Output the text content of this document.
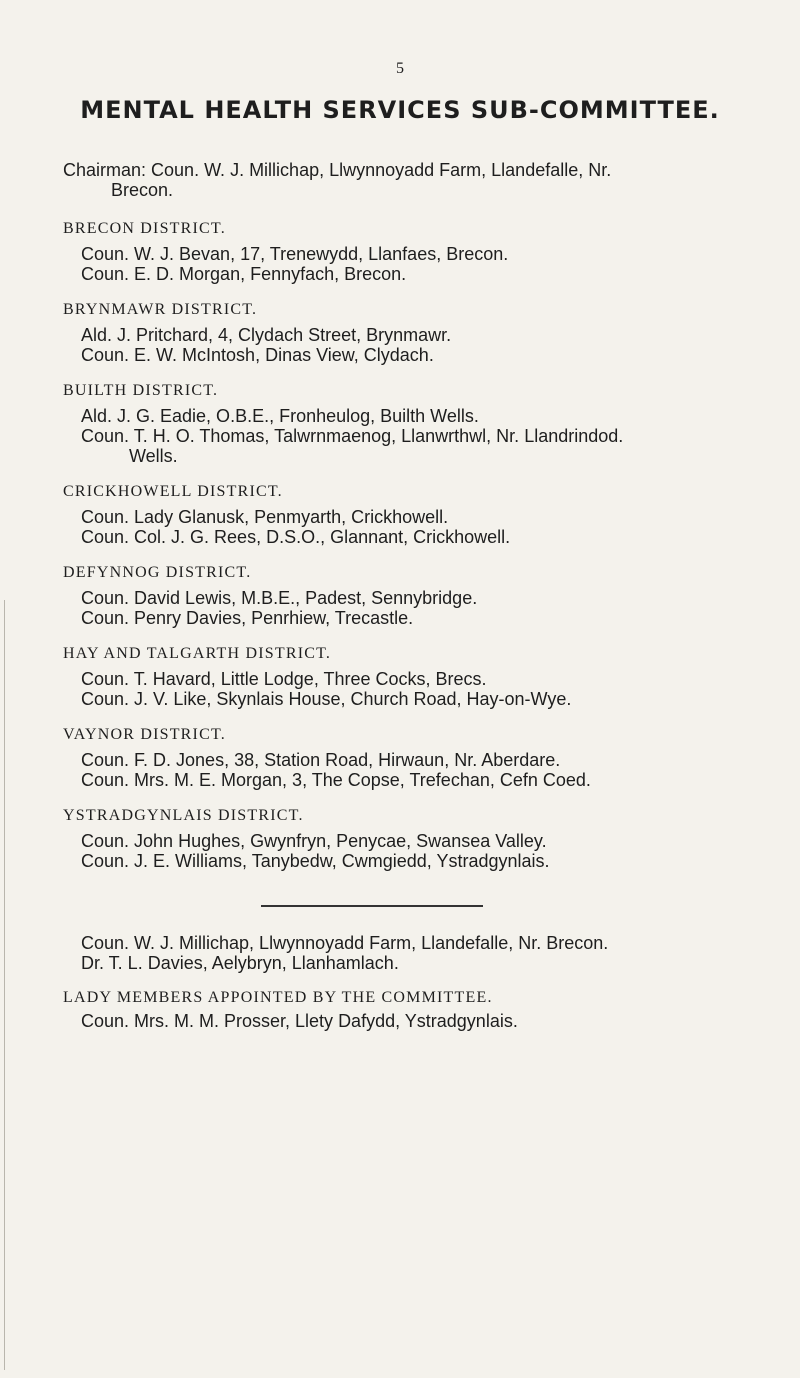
5
MENTAL HEALTH SERVICES SUB-COMMITTEE.
Chairman: Coun. W. J. Millichap, Llwynnoyadd Farm, Llandefalle, Nr.
Brecon.
BRECON DISTRICT.
Coun. W. J. Bevan, 17, Trenewydd, Llanfaes, Brecon.
Coun. E. D. Morgan, Fennyfach, Brecon.
BRYNMAWR DISTRICT.
Ald. J. Pritchard, 4, Clydach Street, Brynmawr.
Coun. E. W. McIntosh, Dinas View, Clydach.
BUILTH DISTRICT.
Ald. J. G. Eadie, O.B.E., Fronheulog, Builth Wells.
Coun. T. H. O. Thomas, Talwrnmaenog, Llanwrthwl, Nr. Llandrindod.
Wells.
CRICKHOWELL DISTRICT.
Coun. Lady Glanusk, Penmyarth, Crickhowell.
Coun. Col. J. G. Rees, D.S.O., Glannant, Crickhowell.
DEFYNNOG DISTRICT.
Coun. David Lewis, M.B.E., Padest, Sennybridge.
Coun. Penry Davies, Penrhiew, Trecastle.
HAY AND TALGARTH DISTRICT.
Coun. T. Havard, Little Lodge, Three Cocks, Brecs.
Coun. J. V. Like, Skynlais House, Church Road, Hay-on-Wye.
VAYNOR DISTRICT.
Coun. F. D. Jones, 38, Station Road, Hirwaun, Nr. Aberdare.
Coun. Mrs. M. E. Morgan, 3, The Copse, Trefechan, Cefn Coed.
YSTRADGYNLAIS DISTRICT.
Coun. John Hughes, Gwynfryn, Penycae, Swansea Valley.
Coun. J. E. Williams, Tanybedw, Cwmgiedd, Ystradgynlais.
Coun. W. J. Millichap, Llwynnoyadd Farm, Llandefalle, Nr. Brecon.
Dr. T. L. Davies, Aelybryn, Llanhamlach.
LADY MEMBERS APPOINTED BY THE COMMITTEE.
Coun. Mrs. M. M. Prosser, Llety Dafydd, Ystradgynlais.
